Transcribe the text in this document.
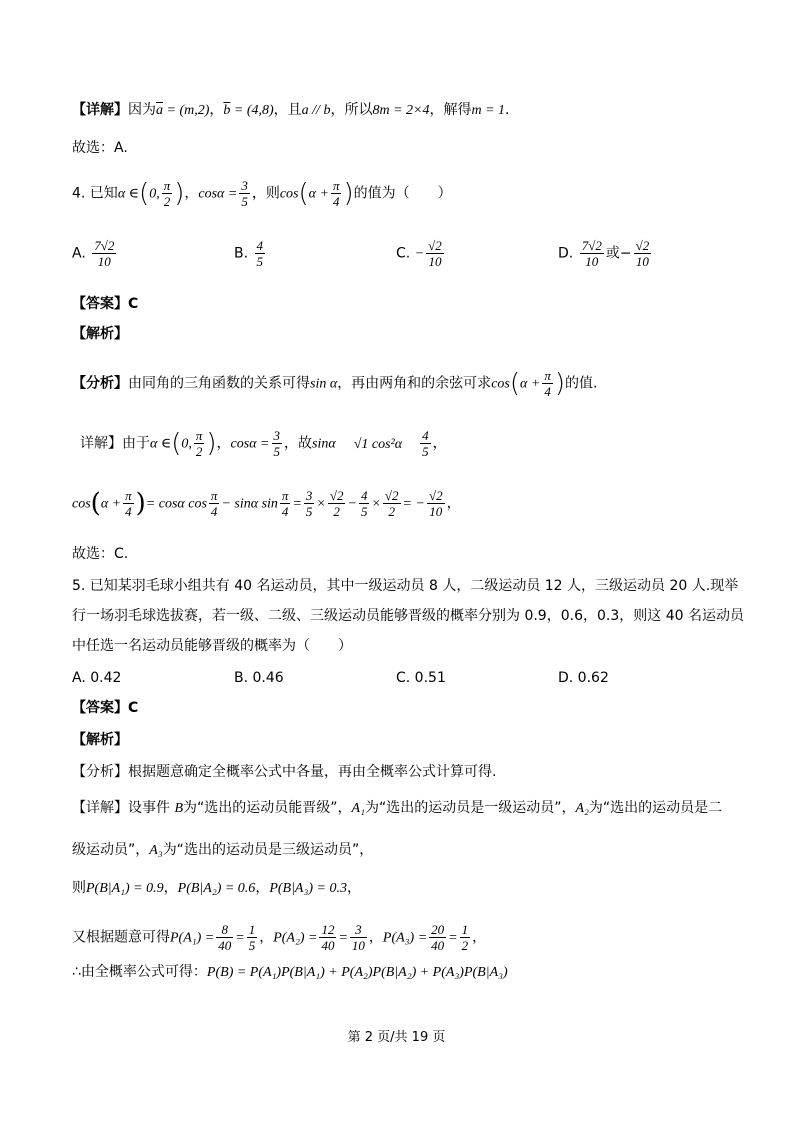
【详解】因为$\overline{a} = (m,2)$，$\overline{b} = (4,8)$，且a // b，所以8m = 2×4，解得m = 1.
故选：A.
4. 已知α ∈(0, $\frac{\pi}{2}$ )，$\cos\alpha = \frac{3}{5}$ ，则$\cos(\alpha + \frac{\pi}{4}$ )的值为（　　）
A. $\frac{7√2}{10}$	B. $\frac{4}{5}$	C. − $\frac{√2}{10}$	D. $\frac{7√2}{10}$ 或− $\frac{√2}{10}$
【答案】C
【解析】
【分析】由同角的三角函数的关系可得sin α，再由两角和的余弦可求$\cos(\alpha + \frac{\pi}{4}$ )的值.
详解】由于α ∈(0, $\frac{\pi}{2}$ )，$\cos\alpha = \frac{3}{5}$ ，故sinα √1 $\cos^2\alpha \frac{4}{5}$ ，
$\cos(\alpha + \frac{\pi}{4}$ )= cosα $\cos \frac{\pi}{4} - \sin\alpha$ $\sin \frac{\pi}{4} = \frac{3}{5} \times \frac{√2}{2} - \frac{4}{5} \times \frac{√2}{2}$ = − $\frac{√2}{10}$ ，
故选：C.
5. 已知某羽毛球小组共有 40 名运动员，其中一级运动员 8 人，二级运动员 12 人，三级运动员 20 人.现举
行一场羽毛球选拔赛，若一级、二级、三级运动员能够晋级的概率分别为 0.9，0.6，0.3，则这 40 名运动员
中任选一名运动员能够晋级的概率为（　　）
A. 0.42	B. 0.46	C. 0.51	D. 0.62
【答案】C
【解析】
【分析】根据题意确定全概率公式中各量，再由全概率公式计算可得.
【详解】设事件 B为“选出的运动员能晋级”，A₁为“选出的运动员是一级运动员”，A₂为“选出的运动员是二
级运动员”，A₃为“选出的运动员是三级运动员”，
则P(B|A₁) = 0.9，P(B|A₂) = 0.6，P(B|A₃) = 0.3，
又根据题意可得$P(A_1) = \frac{8}{40} = \frac{1}{5}$ ，$P(A_2) = \frac{12}{40} = \frac{3}{10}$ ，$P(A_3) = \frac{20}{40} = \frac{1}{2}$ ，
∴由全概率公式可得：P(B) = P(A₁)P(B|A₁) + P(A₂)P(B|A₂) + P(A₃)P(B|A₃)
第 2 页/共 19 页
